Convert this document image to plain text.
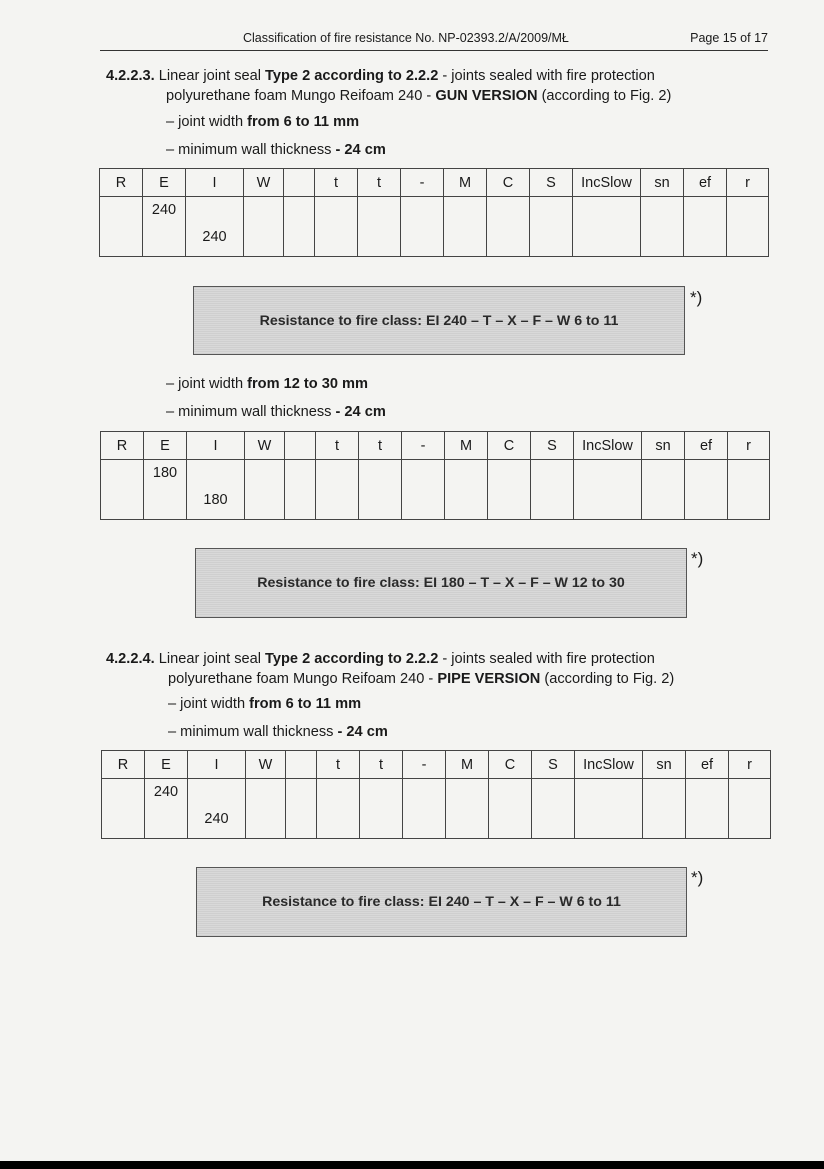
Classification of fire resistance No. NP-02393.2/A/2009/MŁ	Page 15 of 17
4.2.2.3. Linear joint seal Type 2 according to 2.2.2 - joints sealed with fire protection
polyurethane foam Mungo Reifoam 240 - GUN VERSION (according to Fig. 2)
– joint width from 6 to 11 mm
– minimum wall thickness - 24 cm
R	E	I	W		t	t	-	M	C	S	IncSlow	sn	ef	r

	240	240												

Resistance to fire class: EI 240 – T – X – F – W 6 to 11
*)
– joint width from 12 to 30 mm
– minimum wall thickness - 24 cm
R	E	I	W		t	t	-	M	C	S	IncSlow	sn	ef	r

	180	180												

Resistance to fire class: EI 180 – T – X – F – W 12 to 30
*)
4.2.2.4. Linear joint seal Type 2 according to 2.2.2 - joints sealed with fire protection
polyurethane foam Mungo Reifoam 240 - PIPE VERSION (according to Fig. 2)
– joint width from 6 to 11 mm
– minimum wall thickness - 24 cm
R	E	I	W		t	t	-	M	C	S	IncSlow	sn	ef	r

	240	240												

Resistance to fire class: EI 240 – T – X – F – W 6 to 11
*)
